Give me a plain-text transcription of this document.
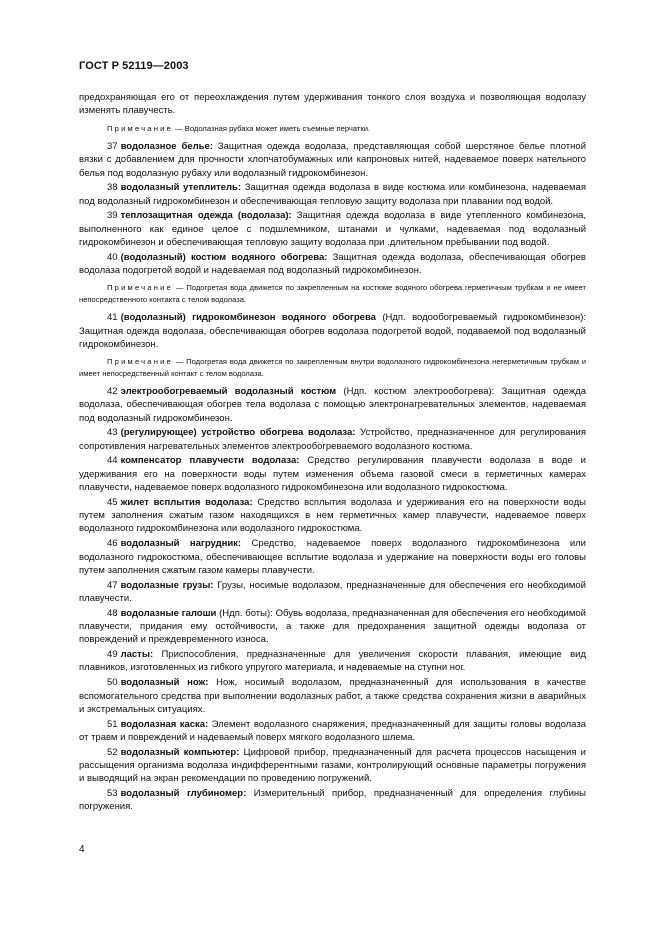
ГОСТ Р 52119—2003

предохраняющая его от переохлаждения путем удерживания тонкого слоя воздуха и позволяющая водолазу изменять плавучесть.

Примечание — Водолазная рубаха может иметь съемные перчатки.

37 водолазное белье: Защитная одежда водолаза, представляющая собой шерстяное белье плотной вязки с добавлением для прочности хлопчатобумажных или капроновых нитей, надеваемое поверх нательного белья под водолазную рубаху или водолазный гидрокомбинезон.

38 водолазный утеплитель: Защитная одежда водолаза в виде костюма или комбинезона, надеваемая под водолазный гидрокомбинезон и обеспечивающая тепловую защиту водолаза при плавании под водой.

39 теплозащитная одежда (водолаза): Защитная одежда водолаза в виде утепленного комбинезона, выполненного как единое целое с подшлемником, штанами и чулками, надеваемая под водолазный гидрокомбинезон и обеспечивающая тепловую защиту водолаза при .длительном пребывании под водой.

40 (водолазный) костюм водяного обогрева: Защитная одежда водолаза, обеспечивающая обогрев водолаза подогретой водой и надеваемая под водолазный гидрокомбинезон.

Примечание — Подогретая вода движется по закрепленным на костюме водяного обогрева герметичным трубкам и не имеет непосредственного контакта с телом водолаза.

41 (водолазный) гидрокомбинезон водяного обогрева (Ндп. водообогреваемый гидрокомбинезон): Защитная одежда водолаза, обеспечивающая обогрев водолаза подогретой водой, подаваемой под водолазный гидрокомбинезон.

Примечание — Подогретая вода движется по закрепленным внутри водолазного гидрокомбинезона негерметичным трубкам и имеет непосредственный контакт с телом водолаза.

42 электрообогреваемый водолазный костюм (Ндп. костюм электрообогрева): Защитная одежда водолаза, обеспечивающая обогрев тела водолаза с помощью электронагревательных элементов, надеваемая под водолазный гидрокомбинезон.

43 (регулирующее) устройство обогрева водолаза: Устройство, предназначенное для регулирования сопротивления нагревательных элементов электрообогреваемого водолазного костюма.

44 компенсатор плавучести водолаза: Средство регулирования плавучести водолаза в воде и удерживания его на поверхности воды путем изменения объема газовой смеси в герметичных камерах плавучести, надеваемое поверх водолазного гидрокомбинезона или водолазного гидрокостюма.

45 жилет всплытия водолаза: Средство всплытия водолаза и удерживания его на поверхности воды путем заполнения сжатым газом находящихся в нем герметичных камер плавучести, надеваемое поверх водолазного гидрокомбинезона или водолазного гидрокостюма.

46 водолазный нагрудник: Средство, надеваемое поверх водолазного гидрокомбинезона или водолазного гидрокостюма, обеспечивающее всплытие водолаза и удержание на поверхности воды его головы путем заполнения сжатым газом камеры плавучести.

47 водолазные грузы: Грузы, носимые водолазом, предназначенные для обеспечения его необходимой плавучести.

48 водолазные галоши (Ндп. боты): Обувь водолаза, предназначенная для обеспечения его необходимой плавучести, придания ему остойчивости, а также для предохранения защитной одежды водолаза от повреждений и преждевременного износа.

49 ласты: Приспособления, предназначенные для увеличения скорости плавания, имеющие вид плавников, изготовленных из гибкого упругого материала, и надеваемые на ступни ног.

50 водолазный нож: Нож, носимый водолазом, предназначенный для использования в качестве вспомогательного средства при выполнении водолазных работ, а также средства сохранения жизни в аварийных и экстремальных ситуациях.

51 водолазная каска: Элемент водолазного снаряжения, предназначенный для защиты головы водолаза от травм и повреждений и надеваемый поверх мягкого водолазного шлема.

52 водолазный компьютер: Цифровой прибор, предназначенный для расчета процессов насыщения и рассыщения организма водолаза индифферентными газами, контролирующий основные параметры погружения и выводящий на экран рекомендации по проведению погружений.

53 водолазный глубиномер: Измерительный прибор, предназначенный для определения глубины погружения.

4
